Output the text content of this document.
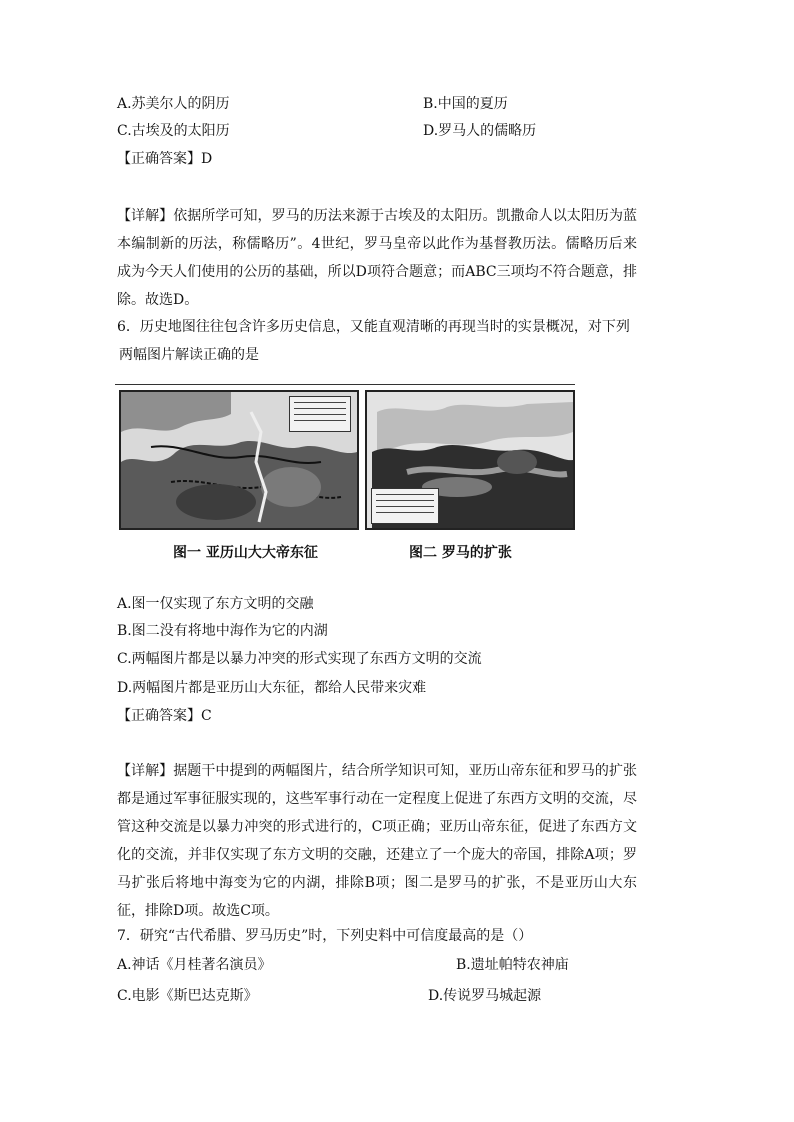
A.苏美尔人的阴历	B.中国的夏历
C.古埃及的太阳历	D.罗马人的儒略历
【正确答案】D
【详解】依据所学可知，罗马的历法来源于古埃及的太阳历。凯撒命人以太阳历为蓝本编制新的历法，称儒略历”。4世纪，罗马皇帝以此作为基督教历法。儒略历后来成为今天人们使用的公历的基础，所以D项符合题意；而ABC三项均不符合题意，排除。故选D。
6．历史地图往往包含许多历史信息，又能直观清晰的再现当时的实景概况，对下列
两幅图片解读正确的是
图一 亚历山大大帝东征	图二 罗马的扩张
A.图一仅实现了东方文明的交融
B.图二没有将地中海作为它的内湖
C.两幅图片都是以暴力冲突的形式实现了东西方文明的交流
D.两幅图片都是亚历山大东征，都给人民带来灾难
【正确答案】C
【详解】据题干中提到的两幅图片，结合所学知识可知，亚历山帝东征和罗马的扩张都是通过军事征服实现的，这些军事行动在一定程度上促进了东西方文明的交流，尽管这种交流是以暴力冲突的形式进行的，C项正确；亚历山帝东征，促进了东西方文化的交流，并非仅实现了东方文明的交融，还建立了一个庞大的帝国，排除A项；罗马扩张后将地中海变为它的内湖，排除B项；图二是罗马的扩张，不是亚历山大东征，排除D项。故选C项。
7．研究“古代希腊、罗马历史”时，下列史料中可信度最高的是（）
A.神话《月桂著名演员》	B.遗址帕特农神庙
C.电影《斯巴达克斯》	D.传说罗马城起源
